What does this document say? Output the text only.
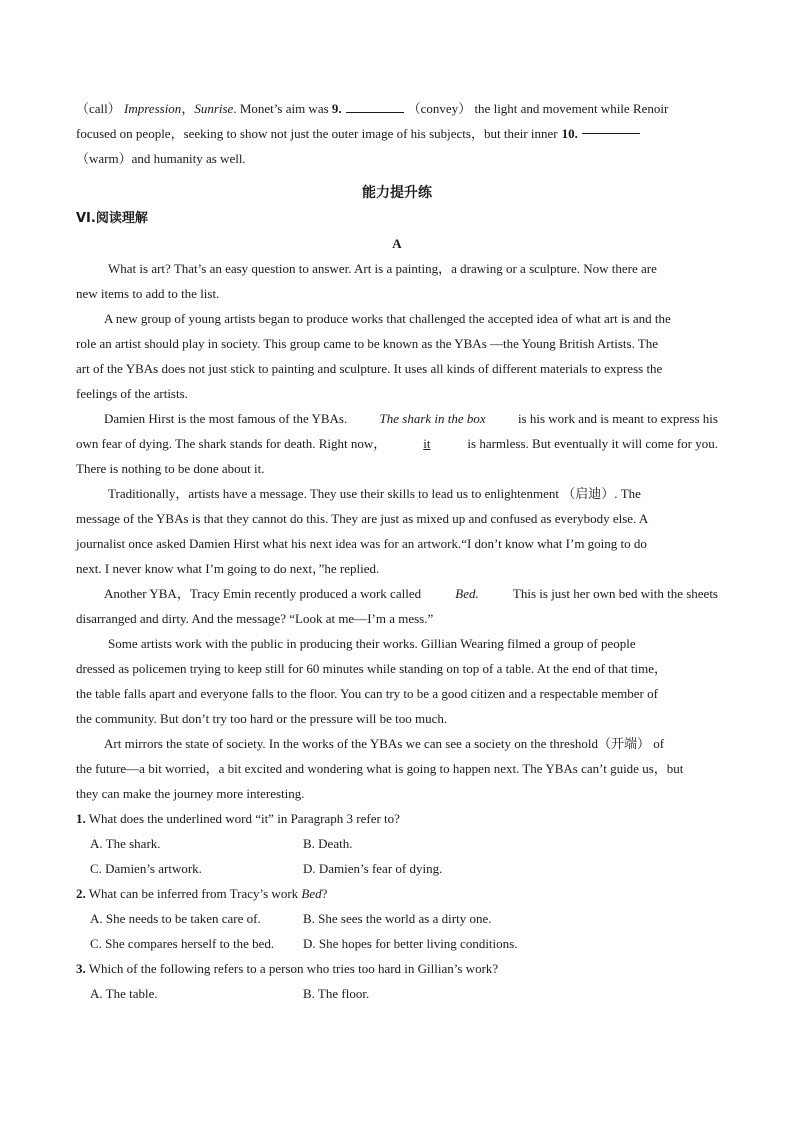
（call） Impression，Sunrise. Monet’s aim was 9.	（convey） the light and movement while Renoir
focused on people，seeking to show not just the outer image of his subjects，but their inner 10.
（warm）and humanity as well.
能力提升练
VI.阅读理解
A
What is art? That’s an easy question to answer. Art is a painting，a drawing or a sculpture. Now there are
new items to add to the list.
A new group of young artists began to produce works that challenged the accepted idea of what art is and the
role an artist should play in society. This group came to be known as the YBAs —the Young British Artists. The
art of the YBAs does not just stick to painting and sculpture. It uses all kinds of different materials to express the
feelings of the artists.
Damien Hirst is the most famous of the YBAs. The shark in the box is his work and is meant to express his
own fear of dying. The shark stands for death. Right now，	it	is harmless. But eventually it will come for you.
There is nothing to be done about it.
Traditionally，artists have a message. They use their skills to lead us to enlightenment （启迪）. The
message of the YBAs is that they cannot do this. They are just as mixed up and confused as everybody else. A
journalist once asked Damien Hirst what his next idea was for an artwork.“I don’t know what I’m going to do
next. I never know what I’m going to do next，”he replied.
Another YBA，Tracy Emin recently produced a work called	Bed.	This is just her own bed with the sheets
disarranged and dirty. And the message? “Look at me—I’m a mess.”
Some artists work with the public in producing their works. Gillian Wearing filmed a group of people
dressed as policemen trying to keep still for 60 minutes while standing on top of a table. At the end of that time，
the table falls apart and everyone falls to the floor. You can try to be a good citizen and a respectable member of
the community. But don’t try too hard or the pressure will be too much.
Art mirrors the state of society. In the works of the YBAs we can see a society on the threshold（开端） of
the future—a bit worried，a bit excited and wondering what is going to happen next. The YBAs can’t guide us，but
they can make the journey more interesting.
1. What does the underlined word “it” in Paragraph 3 refer to?
A. The shark.	B. Death.
C. Damien’s artwork.	D. Damien’s fear of dying.
2. What can be inferred from Tracy’s work Bed?
A. She needs to be taken care of.	B. She sees the world as a dirty one.
C. She compares herself to the bed. D. She hopes for better living conditions.
3. Which of the following refers to a person who tries too hard in Gillian’s work?
A. The table.	B. The floor.
